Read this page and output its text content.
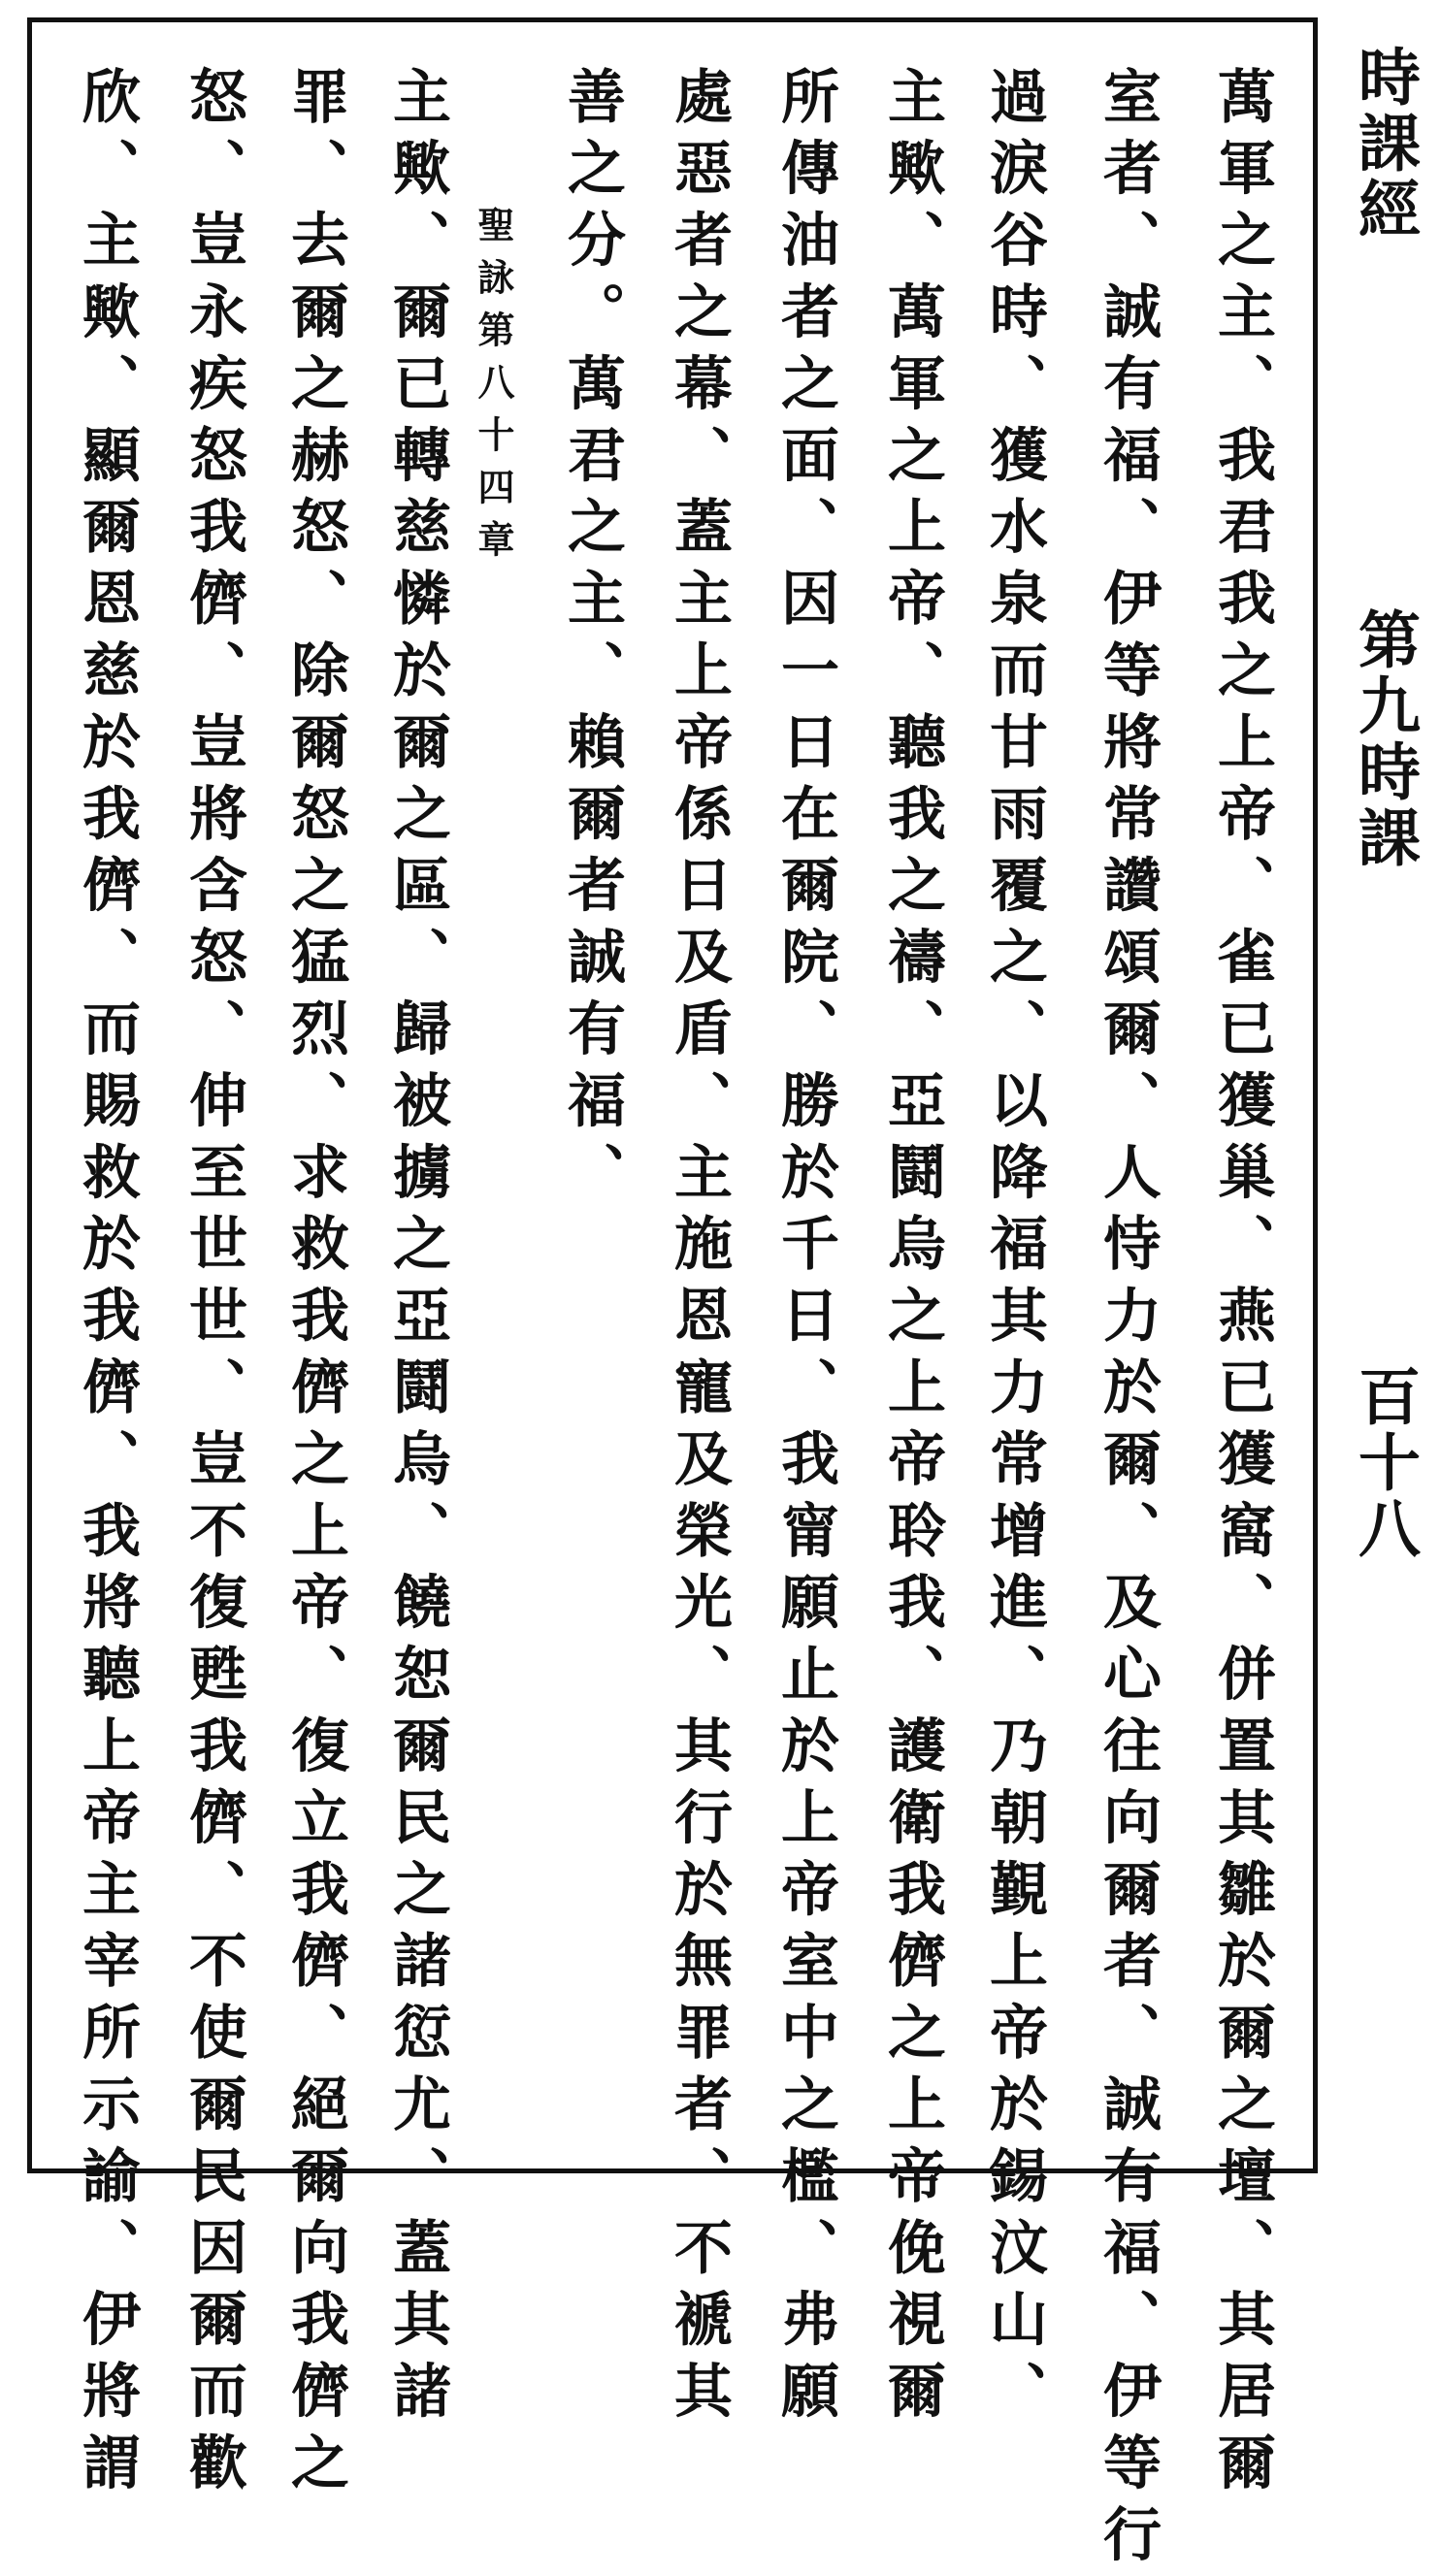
時課經
第九時課
百十八
萬軍之主、我君我之上帝、雀已獲巢、燕已獲窩、併置其雛於爾之壇、其居爾
室者、誠有福、伊等將常讚頌爾、人恃力於爾、及心往向爾者、誠有福、伊等行
過淚谷時、獲水泉而甘雨覆之、以降福其力常增進、乃朝覲上帝於錫汶山、
主歟、萬軍之上帝、聽我之禱、亞鬪烏之上帝聆我、護衛我儕之上帝俛視爾
所傳油者之面、因一日在爾院、勝於千日、我甯願止於上帝室中之檻、弗願
處惡者之幕、蓋主上帝係日及盾、主施恩寵及榮光、其行於無罪者、不褫其
善之分。萬君之主、賴爾者誠有福、
聖詠第八十四章
主歟、爾已轉慈憐於爾之區、歸被擄之亞鬪烏、饒恕爾民之諸愆尤、蓋其諸
罪、去爾之赫怒、除爾怒之猛烈、求救我儕之上帝、復立我儕、絕爾向我儕之
怒、豈永疾怒我儕、豈將含怒、伸至世世、豈不復甦我儕、不使爾民因爾而歡
欣、主歟、顯爾恩慈於我儕、而賜救於我儕、我將聽上帝主宰所示諭、伊將謂
